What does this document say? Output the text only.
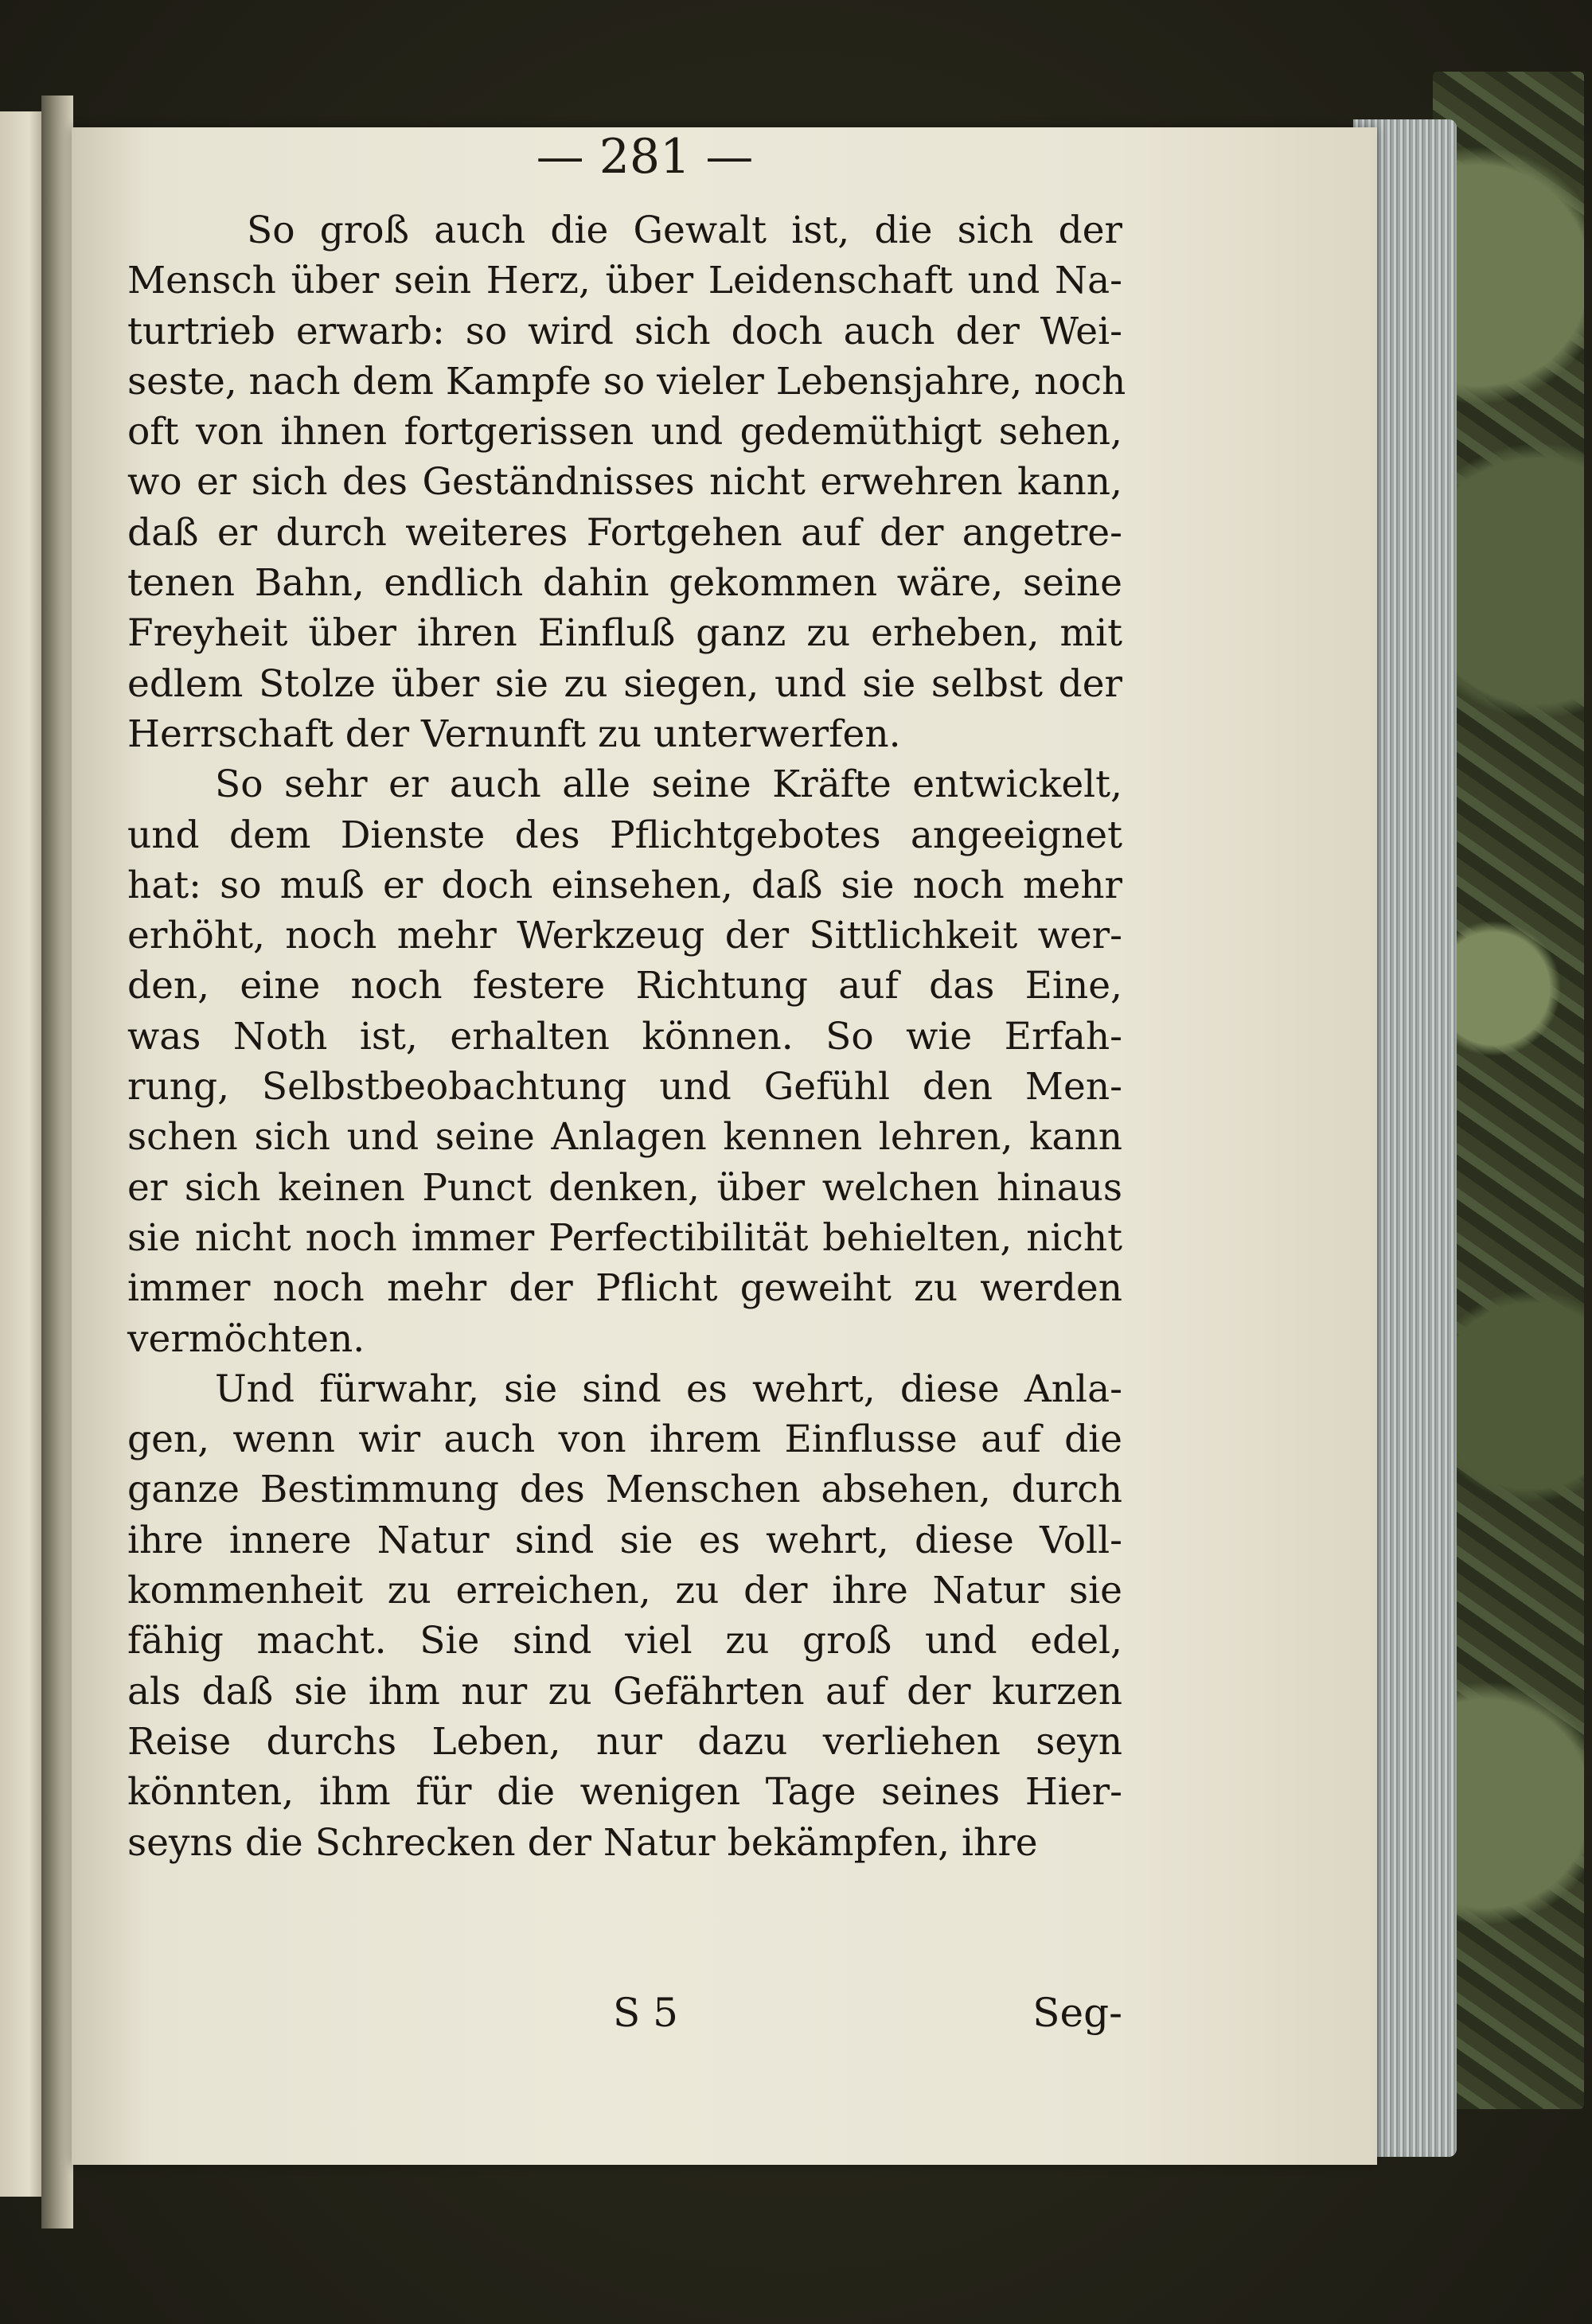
— 281 —
So groß auch die Gewalt ist, die sich der
Mensch über sein Herz, über Leidenschaft und Na-
turtrieb erwarb: so wird sich doch auch der Wei-
seste, nach dem Kampfe so vieler Lebensjahre, noch
oft von ihnen fortgerissen und gedemüthigt sehen,
wo er sich des Geständnisses nicht erwehren kann,
daß er durch weiteres Fortgehen auf der angetre-
tenen Bahn, endlich dahin gekommen wäre, seine
Freyheit über ihren Einfluß ganz zu erheben, mit
edlem Stolze über sie zu siegen, und sie selbst der
Herrschaft der Vernunft zu unterwerfen.
So sehr er auch alle seine Kräfte entwickelt,
und dem Dienste des Pflichtgebotes angeeignet
hat: so muß er doch einsehen, daß sie noch mehr
erhöht, noch mehr Werkzeug der Sittlichkeit wer-
den, eine noch festere Richtung auf das Eine,
was Noth ist, erhalten können. So wie Erfah-
rung, Selbstbeobachtung und Gefühl den Men-
schen sich und seine Anlagen kennen lehren, kann
er sich keinen Punct denken, über welchen hinaus
sie nicht noch immer Perfectibilität behielten, nicht
immer noch mehr der Pflicht geweiht zu werden
vermöchten.
Und fürwahr, sie sind es wehrt, diese Anla-
gen, wenn wir auch von ihrem Einflusse auf die
ganze Bestimmung des Menschen absehen, durch
ihre innere Natur sind sie es wehrt, diese Voll-
kommenheit zu erreichen, zu der ihre Natur sie
fähig macht. Sie sind viel zu groß und edel,
als daß sie ihm nur zu Gefährten auf der kurzen
Reise durchs Leben, nur dazu verliehen seyn
könnten, ihm für die wenigen Tage seines Hier-
seyns die Schrecken der Natur bekämpfen, ihre
S 5	Seg-
